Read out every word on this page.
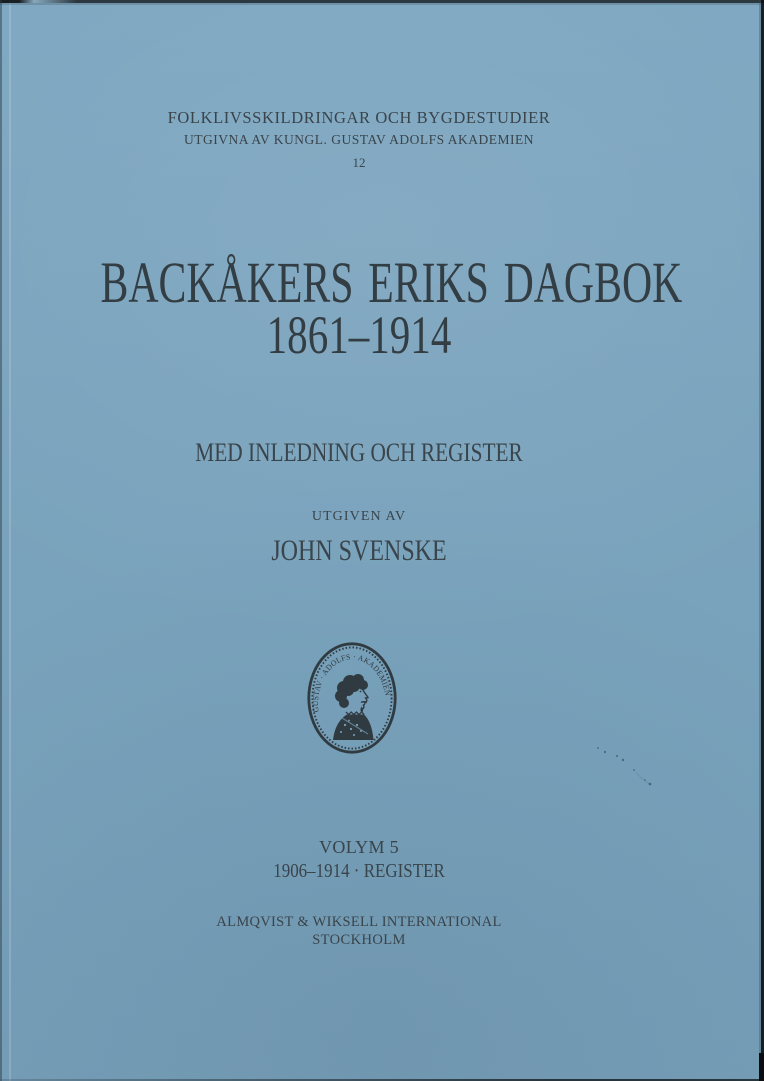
FOLKLIVSSKILDRINGAR OCH BYGDESTUDIER
UTGIVNA AV KUNGL. GUSTAV ADOLFS AKADEMIEN
12
BACKÅKERS ERIKS DAGBOK
1861–1914
MED INLEDNING OCH REGISTER
UTGIVEN AV
JOHN SVENSKE
VOLYM 5
1906–1914 · REGISTER
ALMQVIST & WIKSELL INTERNATIONAL
STOCKHOLM
GUSTAV · ADOLFS · AKADEMIEN
